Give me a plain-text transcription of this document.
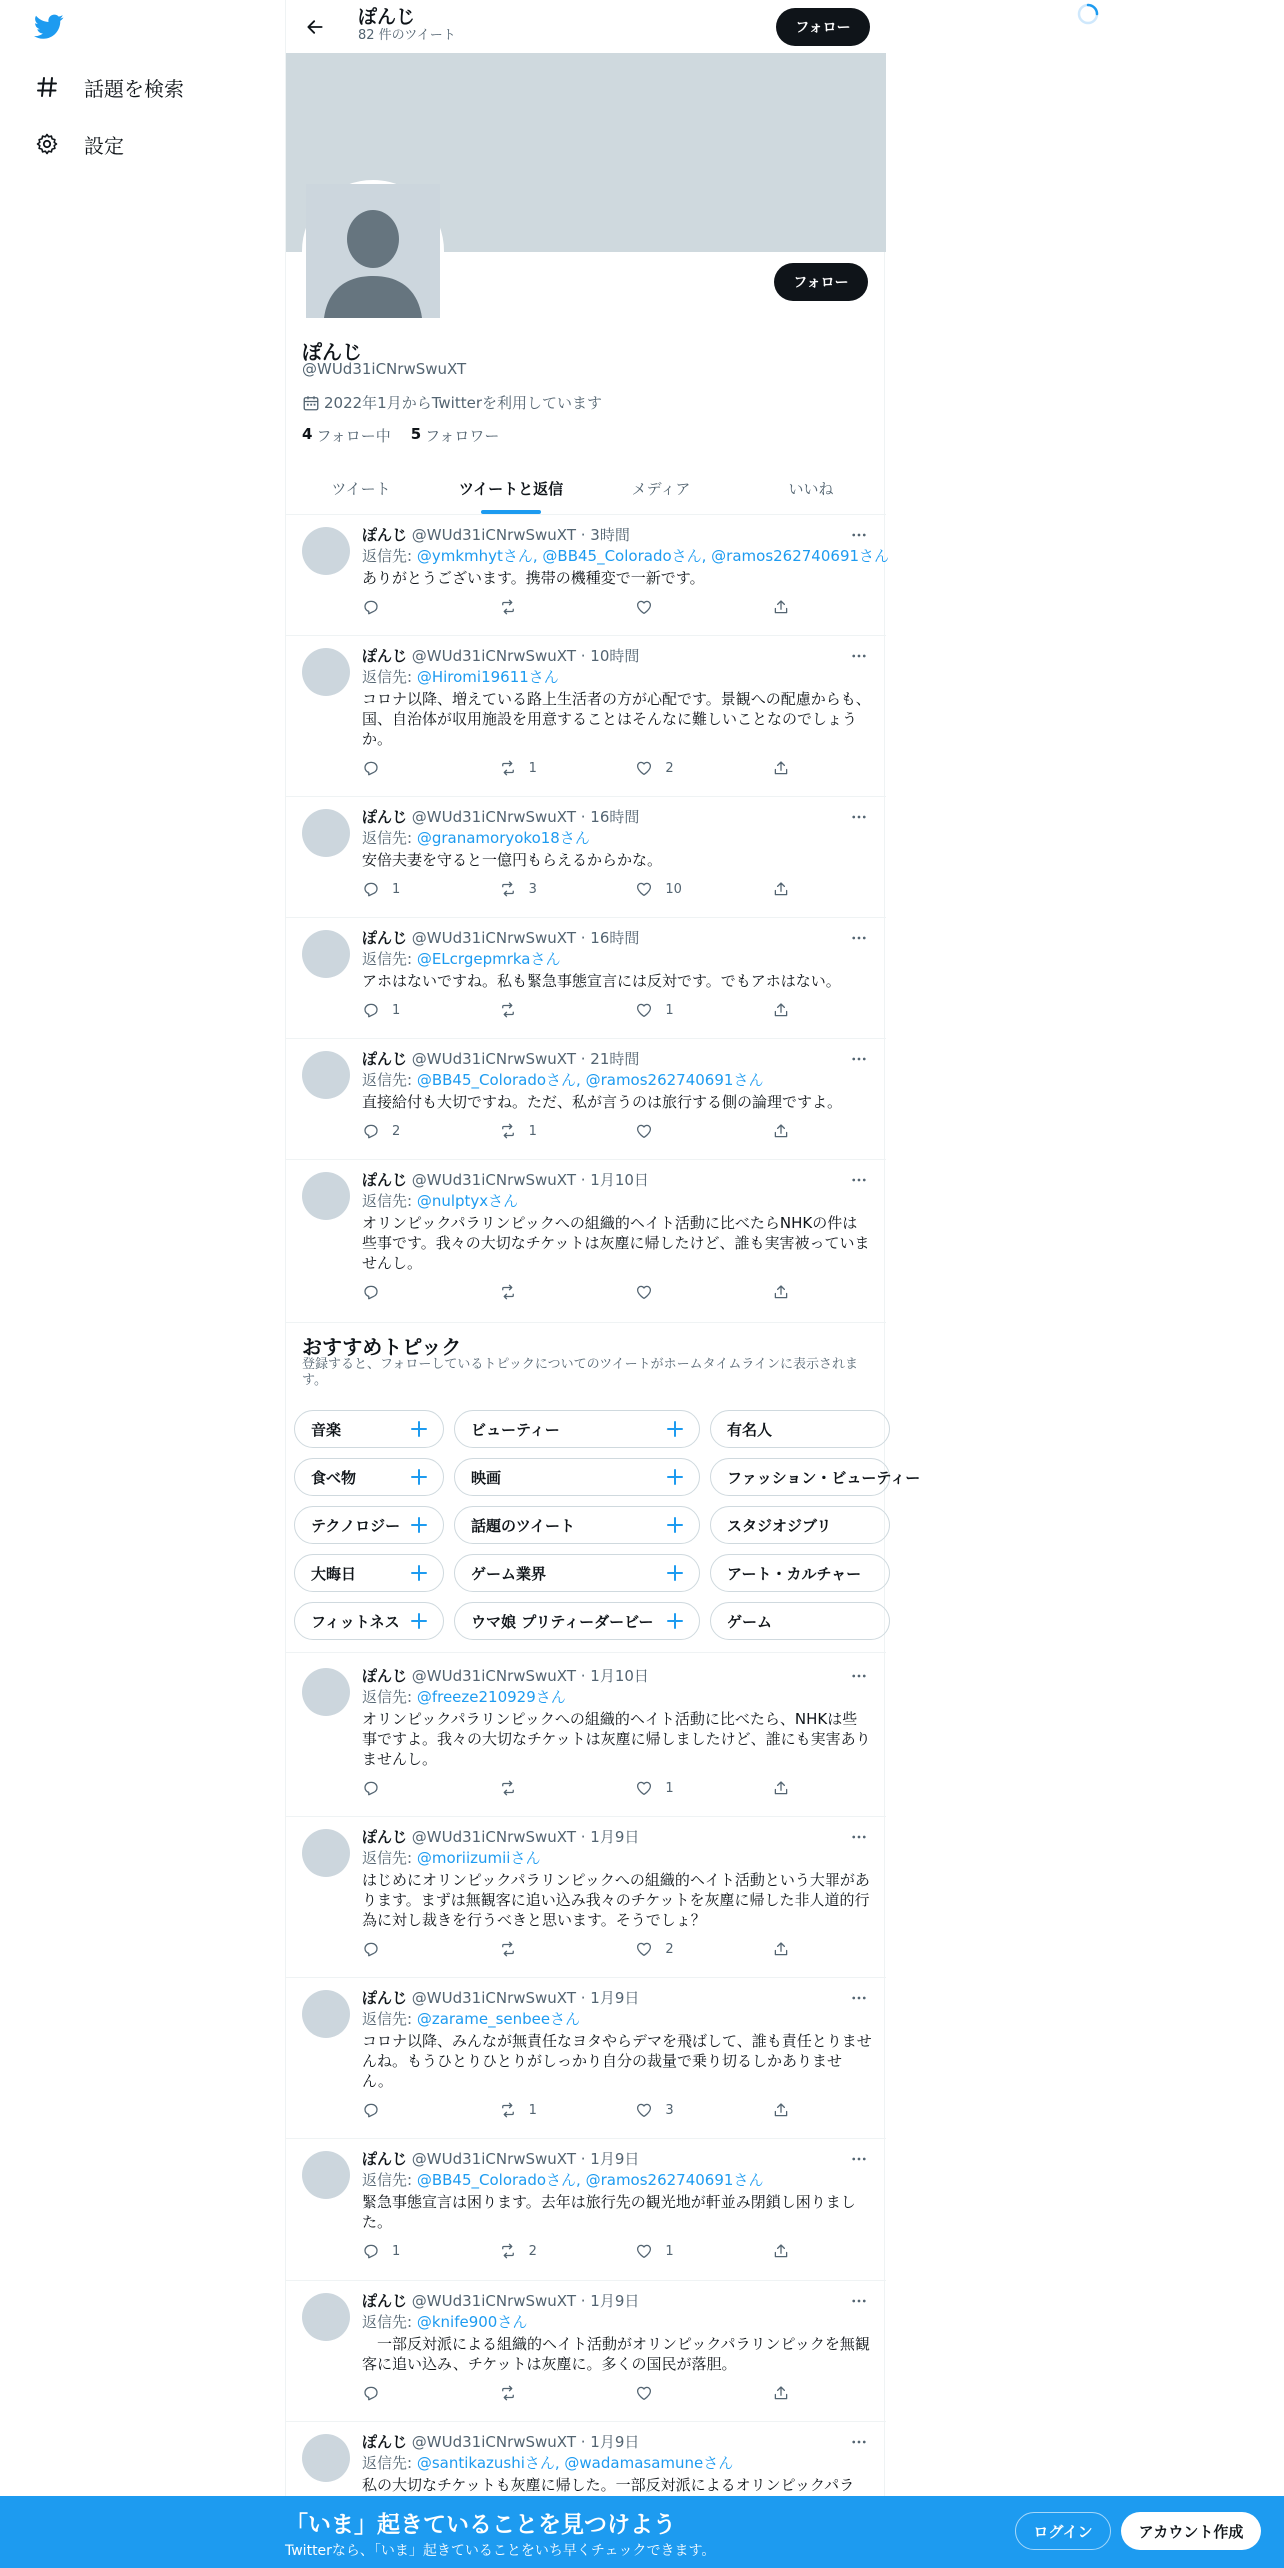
話題を検索
設定
ぽんじ
82 件のツイート	フォロー
フォロー
ぽんじ
@WUd31iCNrwSwuXT
2022年1月からTwitterを利用しています
4 フォロー中 5 フォロワー
ツイート	ツイートと返信	メディア	いいね
ぽんじ @WUd31iCNrwSwuXT · 3時間
返信先: @ymkmhytさん, @BB45_Coloradoさん, @ramos262740691さん
ありがとうございます。携帯の機種変で一新です。
ぽんじ @WUd31iCNrwSwuXT · 10時間
返信先: @Hiromi19611さん
コロナ以降、増えている路上生活者の方が心配です。景観への配慮からも、国、自治体が収用施設を用意することはそんなに難しいことなのでしょうか。
1	2
ぽんじ @WUd31iCNrwSwuXT · 16時間
返信先: @granamoryoko18さん
安倍夫妻を守ると一億円もらえるからかな。
1	3	10
ぽんじ @WUd31iCNrwSwuXT · 16時間
返信先: @ELcrgepmrkaさん
アホはないですね。私も緊急事態宣言には反対です。でもアホはない。
1	1
ぽんじ @WUd31iCNrwSwuXT · 21時間
返信先: @BB45_Coloradoさん, @ramos262740691さん
直接給付も大切ですね。ただ、私が言うのは旅行する側の論理ですよ。
2	1
ぽんじ @WUd31iCNrwSwuXT · 1月10日
返信先: @nulptyxさん
オリンピックパラリンピックへの組織的ヘイト活動に比べたらNHKの件は些事です。我々の大切なチケットは灰塵に帰したけど、誰も実害被っていませんし。
ぽんじ @WUd31iCNrwSwuXT · 1月10日
返信先: @freeze210929さん
オリンピックパラリンピックへの組織的ヘイト活動に比べたら、NHKは些事ですよ。我々の大切なチケットは灰塵に帰しましたけど、誰にも実害ありませんし。
1
ぽんじ @WUd31iCNrwSwuXT · 1月9日
返信先: @moriizumiiさん
はじめにオリンピックパラリンピックへの組織的ヘイト活動という大罪があります。まずは無観客に追い込み我々のチケットを灰塵に帰した非人道的行為に対し裁きを行うべきと思います。そうでしょ？
2
ぽんじ @WUd31iCNrwSwuXT · 1月9日
返信先: @zarame_senbeeさん
コロナ以降、みんなが無責任なヨタやらデマを飛ばして、誰も責任とりませんね。もうひとりひとりがしっかり自分の裁量で乗り切るしかありません。
1	3
ぽんじ @WUd31iCNrwSwuXT · 1月9日
返信先: @BB45_Coloradoさん, @ramos262740691さん
緊急事態宣言は困ります。去年は旅行先の観光地が軒並み閉鎖し困りました。
1	2	1
ぽんじ @WUd31iCNrwSwuXT · 1月9日
返信先: @knife900さん
　一部反対派による組織的ヘイト活動がオリンピックパラリンピックを無観客に追い込み、チケットは灰塵に。多くの国民が落胆。
ぽんじ @WUd31iCNrwSwuXT · 1月9日
返信先: @santikazushiさん, @wadamasamuneさん
私の大切なチケットも灰塵に帰した。一部反対派によるオリンピックパラ
おすすめトピック
登録すると、フォローしているトピックについてのツイートがホームタイムラインに表示されます。
音楽	ビューティー	有名人
食べ物	映画	ファッション・ビューティー
テクノロジー	話題のツイート	スタジオジブリ
大晦日	ゲーム業界	アート・カルチャー
フィットネス	ウマ娘 プリティーダービー	ゲーム
「いま」起きていることを見つけよう
Twitterなら、「いま」起きていることをいち早くチェックできます。
ログイン	アカウント作成
